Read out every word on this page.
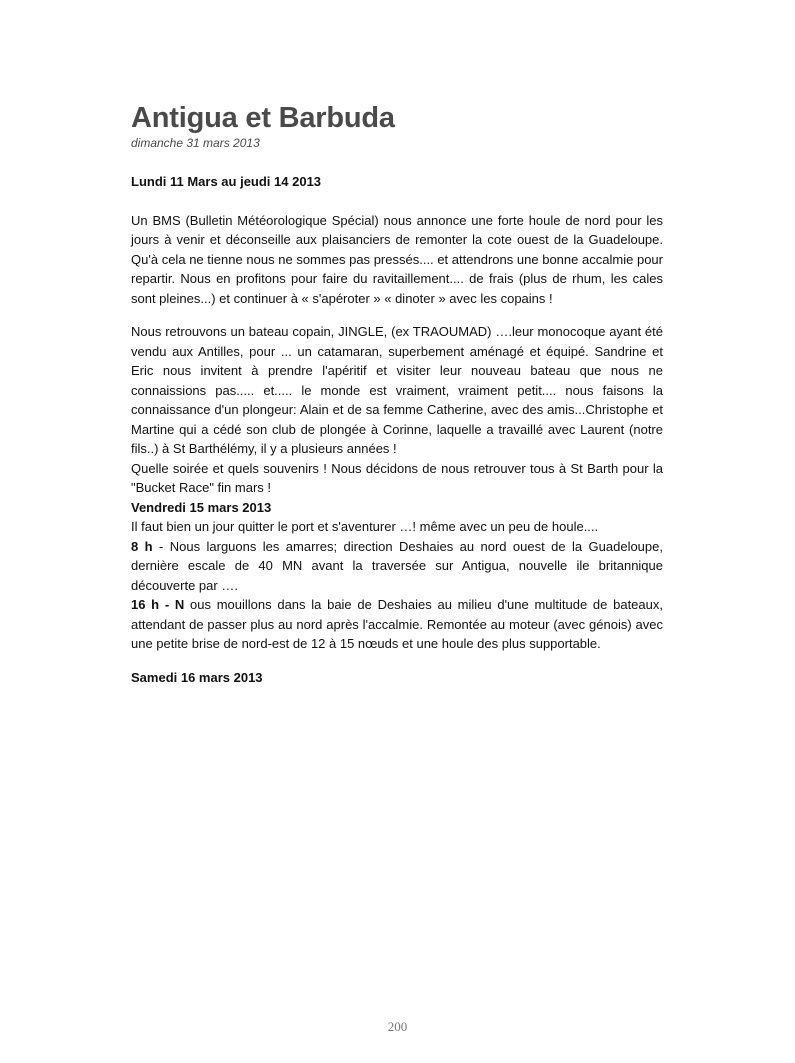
Antigua et Barbuda

dimanche 31 mars 2013

Lundi 11 Mars au jeudi 14 2013

Un BMS (Bulletin Météorologique Spécial) nous annonce une forte houle de nord pour les jours à venir et déconseille aux plaisanciers de remonter la cote ouest de la Guadeloupe. Qu'à cela ne tienne nous ne sommes pas pressés.... et attendrons une bonne accalmie pour repartir. Nous en profitons pour faire du ravitaillement.... de frais (plus de rhum, les cales sont pleines...) et continuer à « s'apéroter » « dinoter » avec les copains !

Nous retrouvons un bateau copain, JINGLE, (ex TRAOUMAD) ….leur monocoque ayant été vendu aux Antilles, pour ... un catamaran, superbement aménagé et équipé. Sandrine et Eric nous invitent à prendre l'apéritif et visiter leur nouveau bateau que nous ne connaissions pas..... et..... le monde est vraiment, vraiment petit.... nous faisons la connaissance d'un plongeur: Alain et de sa femme Catherine, avec des amis...Christophe et Martine qui a cédé son club de plongée à Corinne, laquelle a travaillé avec Laurent (notre fils..) à St Barthélémy, il y a plusieurs années !

Quelle soirée et quels souvenirs ! Nous décidons de nous retrouver tous à St Barth pour la "Bucket Race" fin mars !

Vendredi 15 mars 2013

Il faut bien un jour quitter le port et s'aventurer …! même avec un peu de houle....

8 h - Nous larguons les amarres; direction Deshaies au nord ouest de la Guadeloupe, dernière escale de 40 MN avant la traversée sur Antigua, nouvelle ile britannique découverte par ….

16 h - N ous mouillons dans la baie de Deshaies au milieu d'une multitude de bateaux, attendant de passer plus au nord après l'accalmie. Remontée au moteur (avec génois) avec une petite brise de nord-est de 12 à 15 nœuds et une houle des plus supportable.

Samedi 16 mars 2013

200
